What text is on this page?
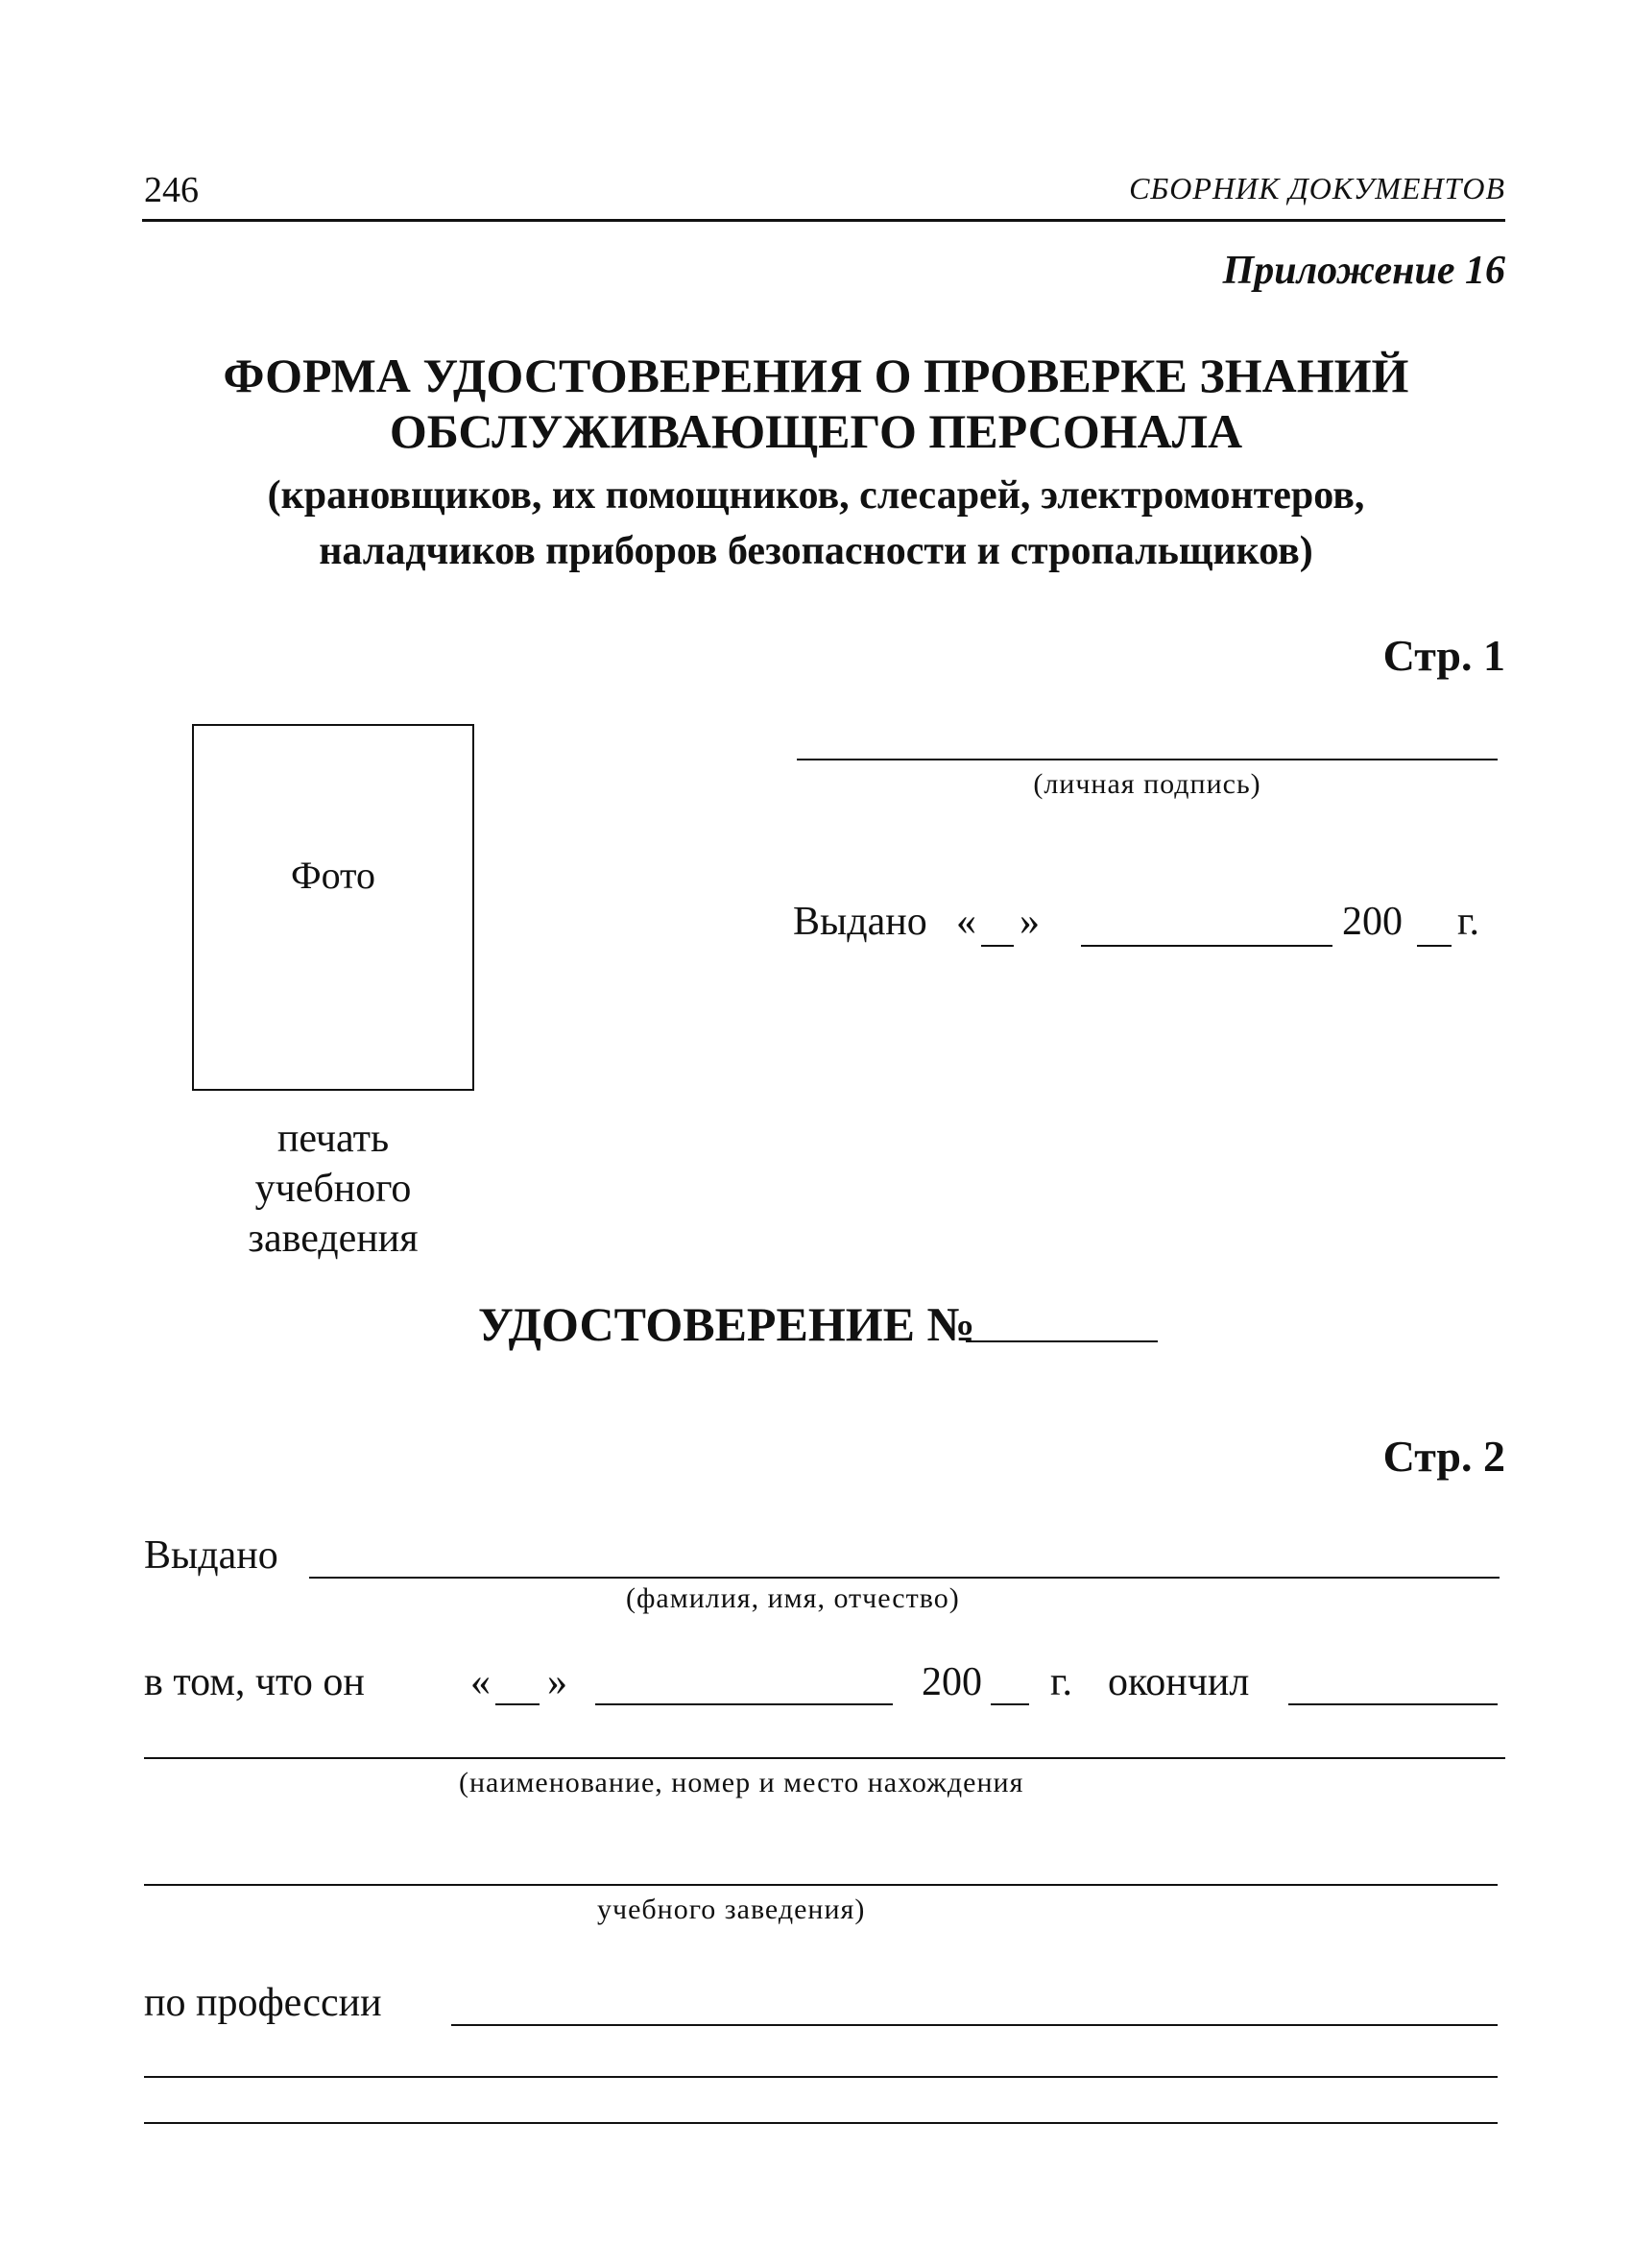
246	СБОРНИК ДОКУМЕНТОВ
Приложение 16
ФОРМА УДОСТОВЕРЕНИЯ О ПРОВЕРКЕ ЗНАНИЙ
ОБСЛУЖИВАЮЩЕГО ПЕРСОНАЛА
(крановщиков, их помощников, слесарей, электромонтеров,
наладчиков приборов безопасности и стропальщиков)
Стр. 1
Фото
печать
учебного
заведения
(личная подпись)
Выдано « »	200 г.
УДОСТОВЕРЕНИЕ №
Стр. 2
Выдано
(фамилия, имя, отчество)
в том, что он	« »	200 г. окончил
(наименование, номер и место нахождения
учебного заведения)
по профессии
